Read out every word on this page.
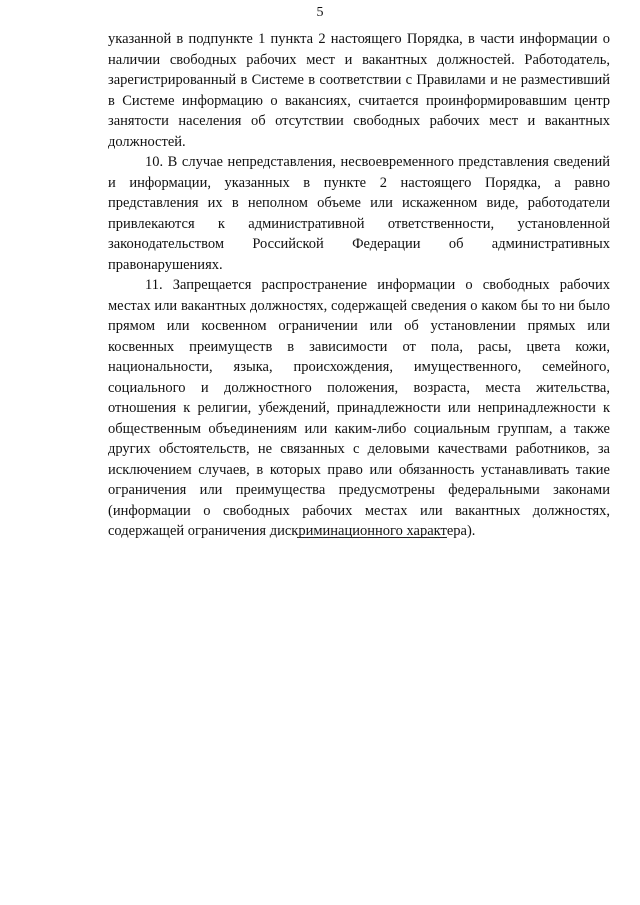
5

указанной в подпункте 1 пункта 2 настоящего Порядка, в части информации о наличии свободных рабочих мест и вакантных должностей. Работодатель, зарегистрированный в Системе в соответствии с Правилами и не разместивший в Системе информацию о вакансиях, считается проинформировавшим центр занятости населения об отсутствии свободных рабочих мест и вакантных должностей.

10. В случае непредставления, несвоевременного представления сведений и информации, указанных в пункте 2 настоящего Порядка, а равно представления их в неполном объеме или искаженном виде, работодатели привлекаются к административной ответственности, установленной законодательством Российской Федерации об административных правонарушениях.

11. Запрещается распространение информации о свободных рабочих местах или вакантных должностях, содержащей сведения о каком бы то ни было прямом или косвенном ограничении или об установлении прямых или косвенных преимуществ в зависимости от пола, расы, цвета кожи, национальности, языка, происхождения, имущественного, семейного, социального и должностного положения, возраста, места жительства, отношения к религии, убеждений, принадлежности или непринадлежности к общественным объединениям или каким-либо социальным группам, а также других обстоятельств, не связанных с деловыми качествами работников, за исключением случаев, в которых право или обязанность устанавливать такие ограничения или преимущества предусмотрены федеральными законами (информации о свободных рабочих местах или вакантных должностях, содержащей ограничения дискриминационного характера).
